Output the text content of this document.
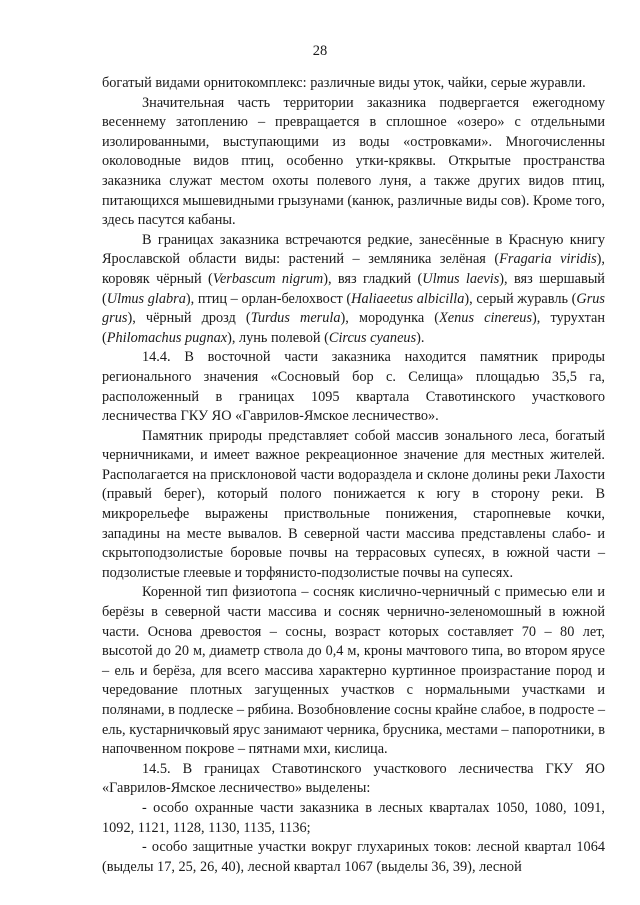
28

богатый видами орнитокомплекс: различные виды уток, чайки, серые журавли.

Значительная часть территории заказника подвергается ежегодному весеннему затоплению – превращается в сплошное «озеро» с отдельными изолированными, выступающими из воды «островками». Многочисленны околоводные видов птиц, особенно утки-кряквы. Открытые пространства заказника служат местом охоты полевого луня, а также других видов птиц, питающихся мышевидными грызунами (канюк, различные виды сов). Кроме того, здесь пасутся кабаны.

В границах заказника встречаются редкие, занесённые в Красную книгу Ярославской области виды: растений – земляника зелёная (Fragaria viridis), коровяк чёрный (Verbascum nigrum), вяз гладкий (Ulmus laevis), вяз шершавый (Ulmus glabra), птиц – орлан-белохвост (Haliaeetus albicilla), серый журавль (Grus grus), чёрный дрозд (Turdus merula), мородунка (Xenus cinereus), турухтан (Philomachus pugnax), лунь полевой (Circus cyaneus).

14.4. В восточной части заказника находится памятник природы регионального значения «Сосновый бор с. Селища» площадью 35,5 га, расположенный в границах 1095 квартала Ставотинского участкового лесничества ГКУ ЯО «Гаврилов-Ямское лесничество».

Памятник природы представляет собой массив зонального леса, богатый черничниками, и имеет важное рекреационное значение для местных жителей. Располагается на присклоновой части водораздела и склоне долины реки Лахости (правый берег), который полого понижается к югу в сторону реки. В микрорельефе выражены приствольные понижения, старопневые кочки, западины на месте вывалов. В северной части массива представлены слабо- и скрытоподзолистые боровые почвы на террасовых супесях, в южной части – подзолистые глеевые и торфянисто-подзолистые почвы на супесях.

Коренной тип физиотопа – сосняк кислично-черничный с примесью ели и берёзы в северной части массива и сосняк чернично-зеленомошный в южной части. Основа древостоя – сосны, возраст которых составляет 70 – 80 лет, высотой до 20 м, диаметр ствола до 0,4 м, кроны мачтового типа, во втором ярусе – ель и берёза, для всего массива характерно куртинное произрастание пород и чередование плотных загущенных участков с нормальными участками и полянами, в подлеске – рябина. Возобновление сосны крайне слабое, в подросте – ель, кустарничковый ярус занимают черника, брусника, местами – папоротники, в напочвенном покрове – пятнами мхи, кислица.

14.5. В границах Ставотинского участкового лесничества ГКУ ЯО «Гаврилов-Ямское лесничество» выделены:

- особо охранные части заказника в лесных кварталах 1050, 1080, 1091, 1092, 1121, 1128, 1130, 1135, 1136;

- особо защитные участки вокруг глухариных токов: лесной квартал 1064 (выделы 17, 25, 26, 40), лесной квартал 1067 (выделы 36, 39), лесной
